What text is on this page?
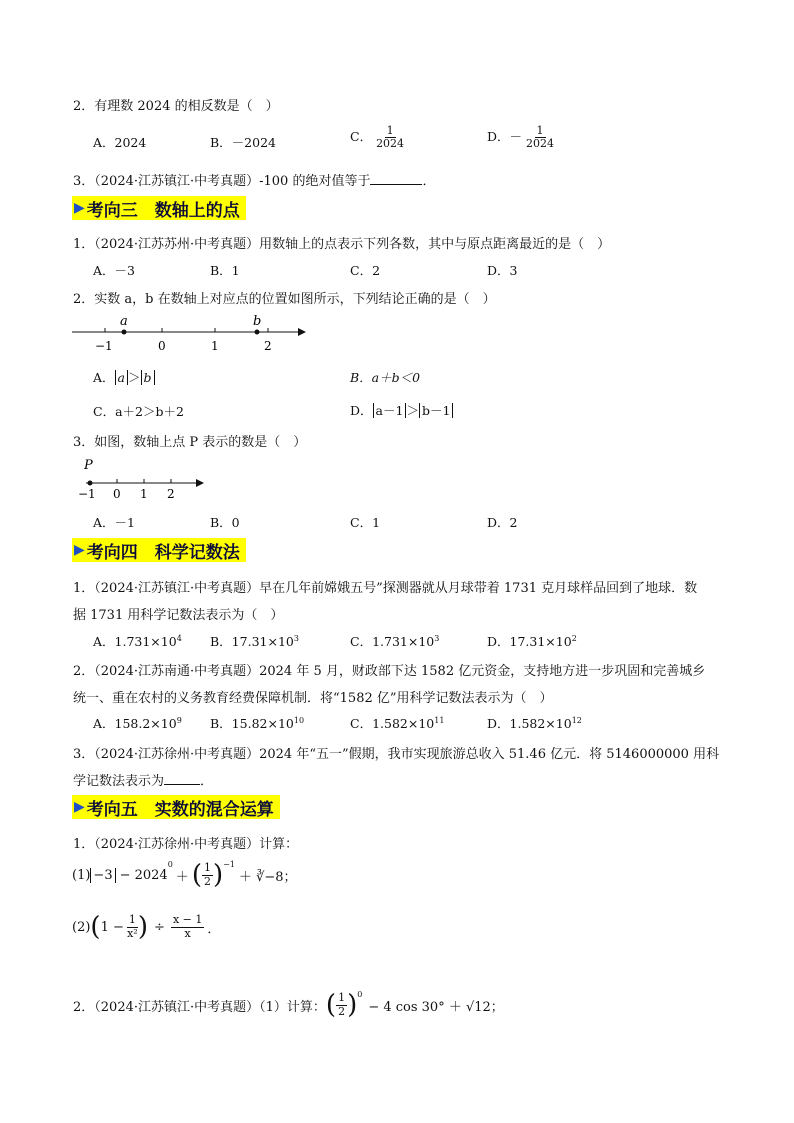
2．有理数 2024 的相反数是（　）
A．2024	B．－2024	C． $\frac{1}{2024}$	D．－ $\frac{1}{2024}$
3．（2024·江苏镇江·中考真题）-100 的绝对值等于	．
▶ 考向三　数轴上的点
1．（2024·江苏苏州·中考真题）用数轴上的点表示下列各数，其中与原点距离最近的是（　）
A．－3	B．1	C．2	D．3
2．实数 a，b 在数轴上对应点的位置如图所示，下列结论正确的是（　）
a	b
−1	0	1	2
A． a ＞ b	B．a＋b＜0
C．a＋2＞b＋2	D． a－1 ＞ b－1
3．如图，数轴上点 P 表示的数是（　）
P
−1 0 1 2
A．－1	B．0	C．1	D．2
▶ 考向四　科学记数法
1．（2024·江苏镇江·中考真题）早在几年前嫦娥五号”探测器就从月球带着 1731 克月球样品回到了地球．数
据 1731 用科学记数法表示为（　）
A．$1.731\times 10^4$ B．$17.31\times 10^3$	C．$1.731\times 10^3$	D．$17.31\times 10^2$
2．（2024·江苏南通·中考真题）2024 年 5 月，财政部下达 1582 亿元资金，支持地方进一步巩固和完善城乡
统一、重在农村的义务教育经费保障机制．将“1582 亿”用科学记数法表示为（　）
A．$158.2\times 10^9$ B．$15.82\times 10^{10}$	C．$1.582\times 10^{11}$	D．$1.582\times 10^{12}$
3．（2024·江苏徐州·中考真题）2024 年“五一”假期，我市实现旅游总收入 51.46 亿元．将 5146000000 用科
学记数法表示为	．
▶ 考向五　实数的混合运算
1．（2024·江苏徐州·中考真题）计算：
(1) −3 − 2024
$^0$
＋ ( $\frac{1}{2} )^{-1}$
＋ ∛−8 ；
(2) ( $1 - \frac{1}{\text{x²}}$ ) ÷ $\frac{x - 1}{x}$ ．
2．（2024·江苏镇江·中考真题）（1）计算： ( $\frac{1}{2} )^0$
− 4 cos 30° ＋ √12 ；
